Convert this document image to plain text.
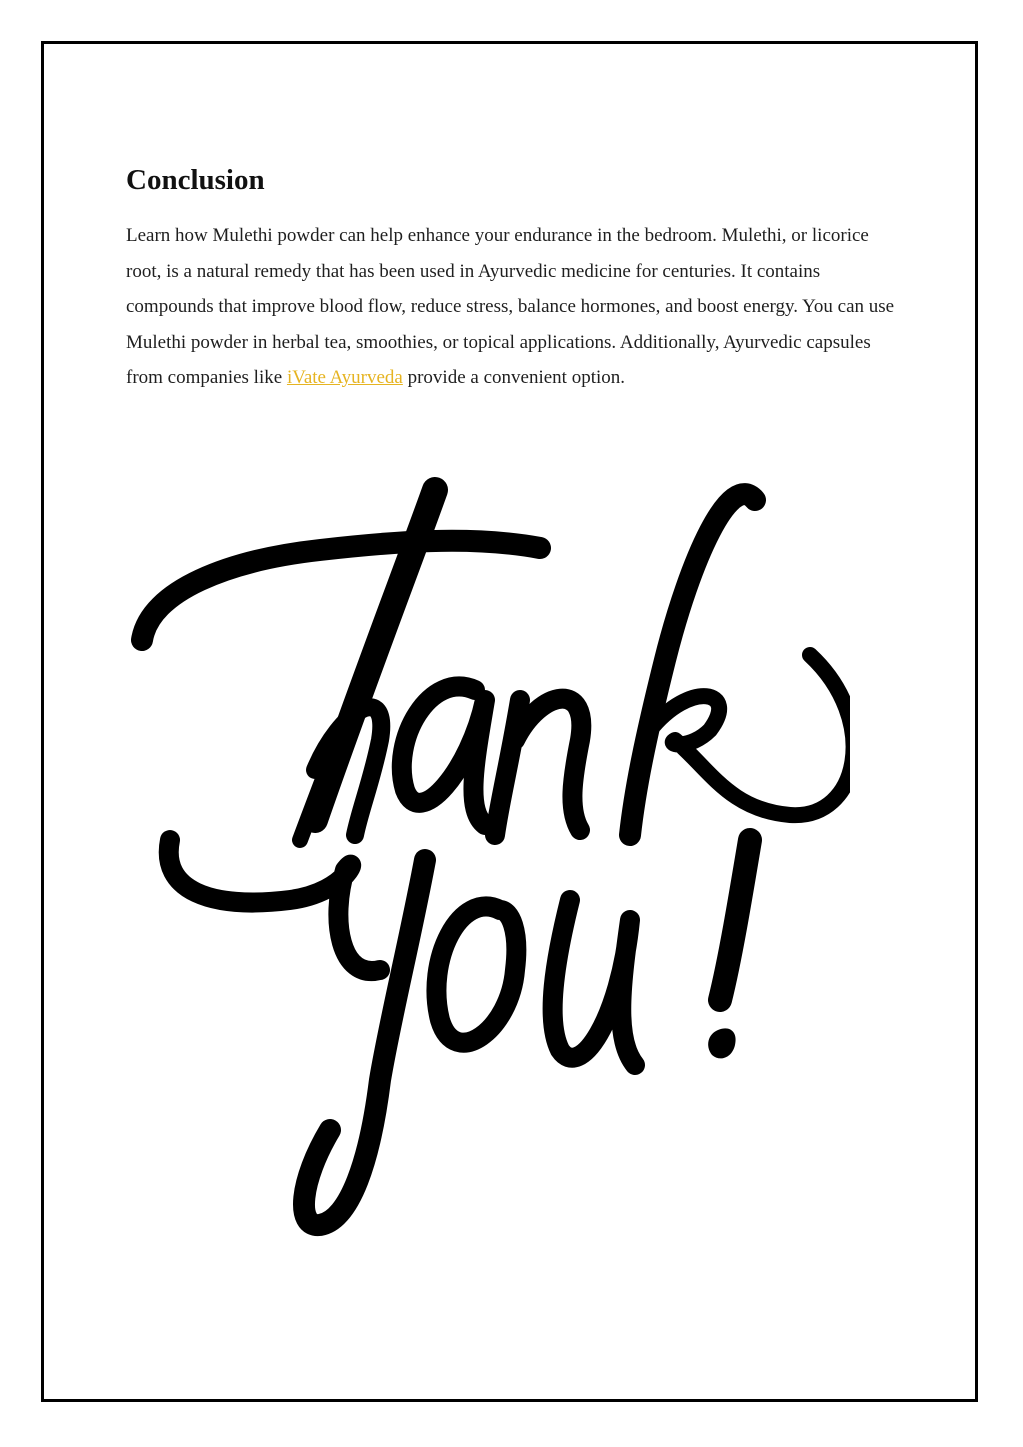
Conclusion

Learn how Mulethi powder can help enhance your endurance in the bedroom. Mulethi, or licorice root, is a natural remedy that has been used in Ayurvedic medicine for centuries. It contains compounds that improve blood flow, reduce stress, balance hormones, and boost energy. You can use Mulethi powder in herbal tea, smoothies, or topical applications. Additionally, Ayurvedic capsules from companies like iVate Ayurveda provide a convenient option.
